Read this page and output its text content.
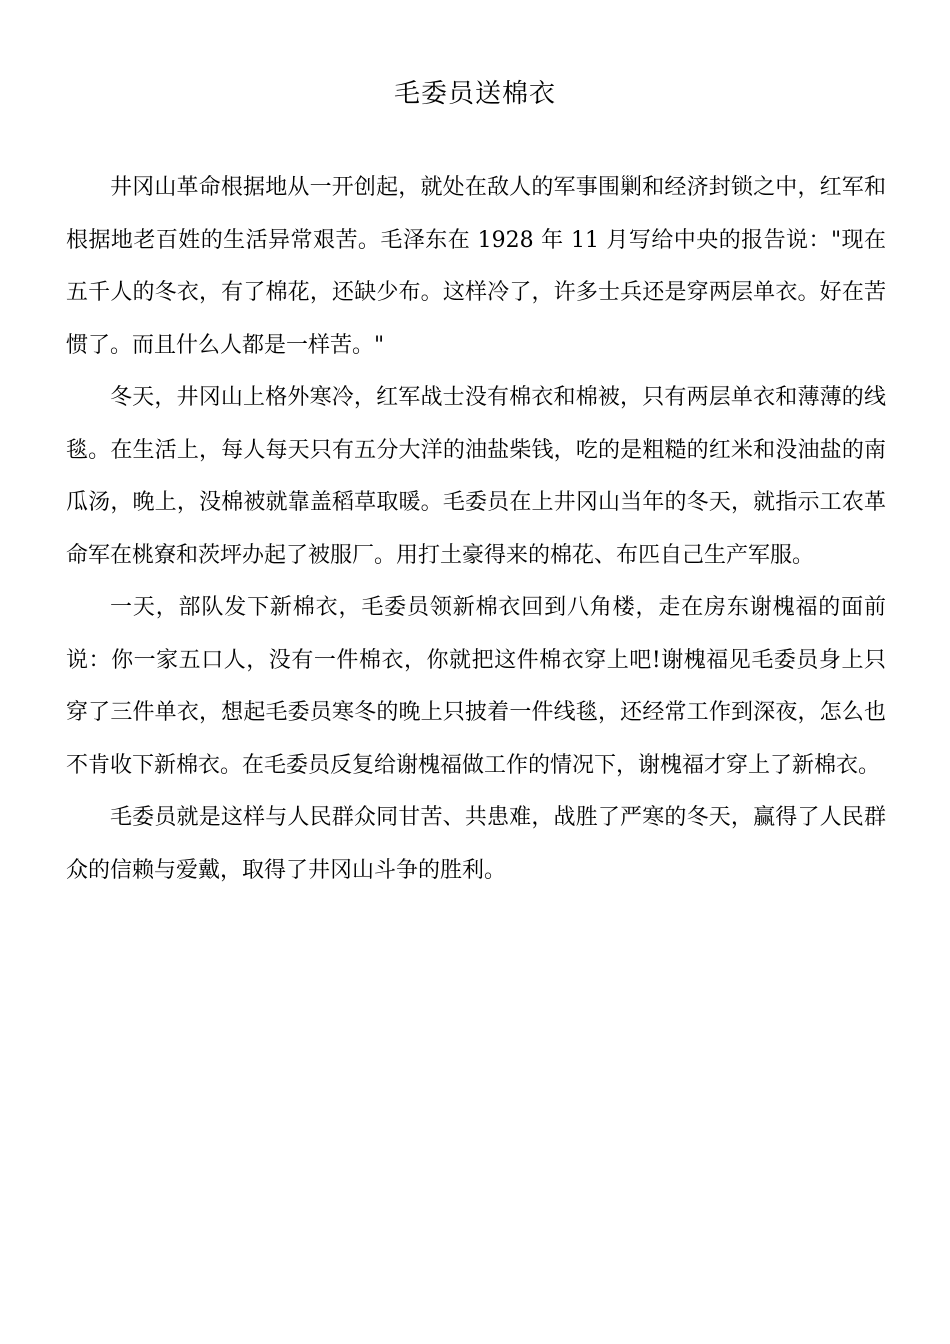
毛委员送棉衣

井冈山革命根据地从一开创起，就处在敌人的军事围剿和经济封锁之中，红军和根据地老百姓的生活异常艰苦。毛泽东在 1928 年 11 月写给中央的报告说："现在五千人的冬衣，有了棉花，还缺少布。这样冷了，许多士兵还是穿两层单衣。好在苦惯了。而且什么人都是一样苦。"

冬天，井冈山上格外寒冷，红军战士没有棉衣和棉被，只有两层单衣和薄薄的线毯。在生活上，每人每天只有五分大洋的油盐柴钱，吃的是粗糙的红米和没油盐的南瓜汤，晚上，没棉被就靠盖稻草取暖。毛委员在上井冈山当年的冬天，就指示工农革命军在桃寮和茨坪办起了被服厂。用打土豪得来的棉花、布匹自己生产军服。

一天，部队发下新棉衣，毛委员领新棉衣回到八角楼，走在房东谢槐福的面前说：你一家五口人，没有一件棉衣，你就把这件棉衣穿上吧!谢槐福见毛委员身上只穿了三件单衣，想起毛委员寒冬的晚上只披着一件线毯，还经常工作到深夜，怎么也不肯收下新棉衣。在毛委员反复给谢槐福做工作的情况下，谢槐福才穿上了新棉衣。

毛委员就是这样与人民群众同甘苦、共患难，战胜了严寒的冬天，赢得了人民群众的信赖与爱戴，取得了井冈山斗争的胜利。
